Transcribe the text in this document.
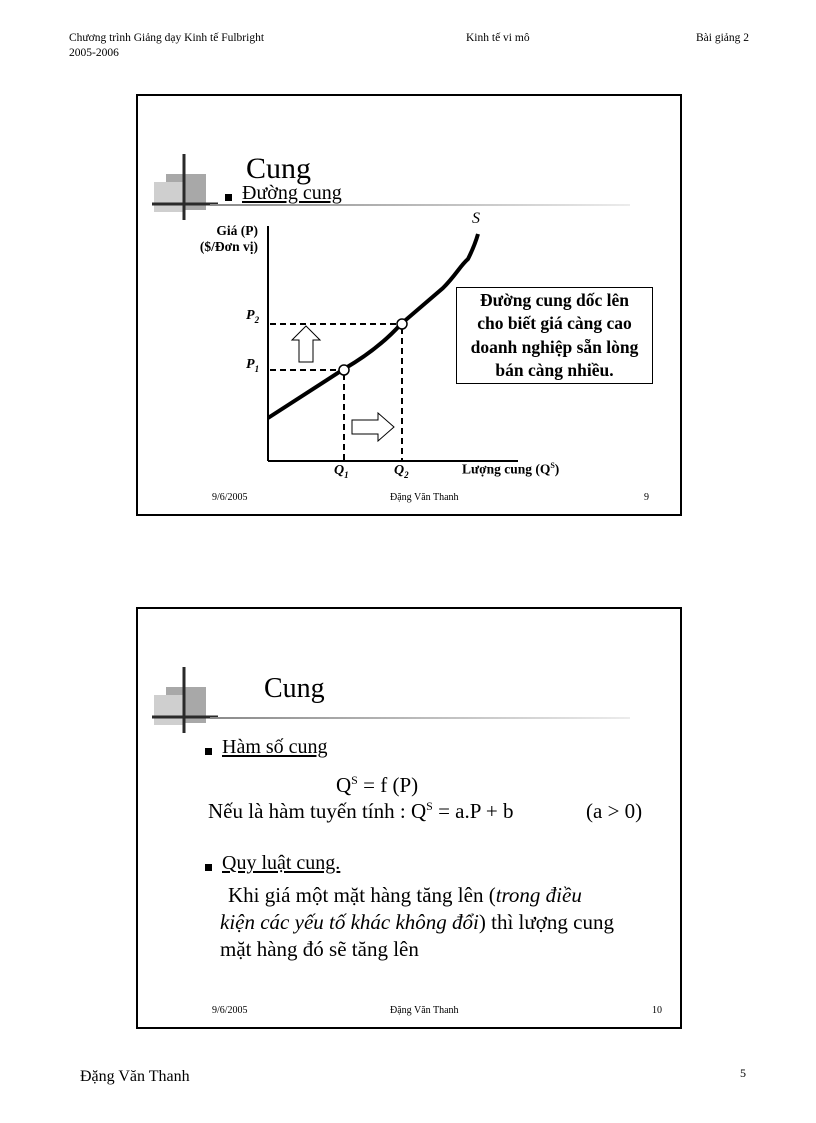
Chương trình Giảng dạy Kinh tế Fulbright
2005-2006
Kinh tế vi mô	Bài giảng 2
Cung
Đường cung
Giá (P)
($/Đơn vị)
S
$P_2$
$P_1$
$Q_1$	$Q_2$	Lượng cung $(Q^S)$
Đường cung dốc lên
cho biết giá càng cao
doanh nghiệp sẵn lòng
bán càng nhiều.
9/6/2005	Đặng Văn Thanh	9
Cung
Hàm số cung
$Q^S = f$ (P)
Nếu là hàm tuyến tính : $Q^S = a.P + b$	(a > 0)
Quy luật cung.
Khi giá một mặt hàng tăng lên (trong điều
kiện các yếu tố khác không đổi) thì lượng cung
mặt hàng đó sẽ tăng lên
9/6/2005	Đặng Văn Thanh	10
Đặng Văn Thanh	5
